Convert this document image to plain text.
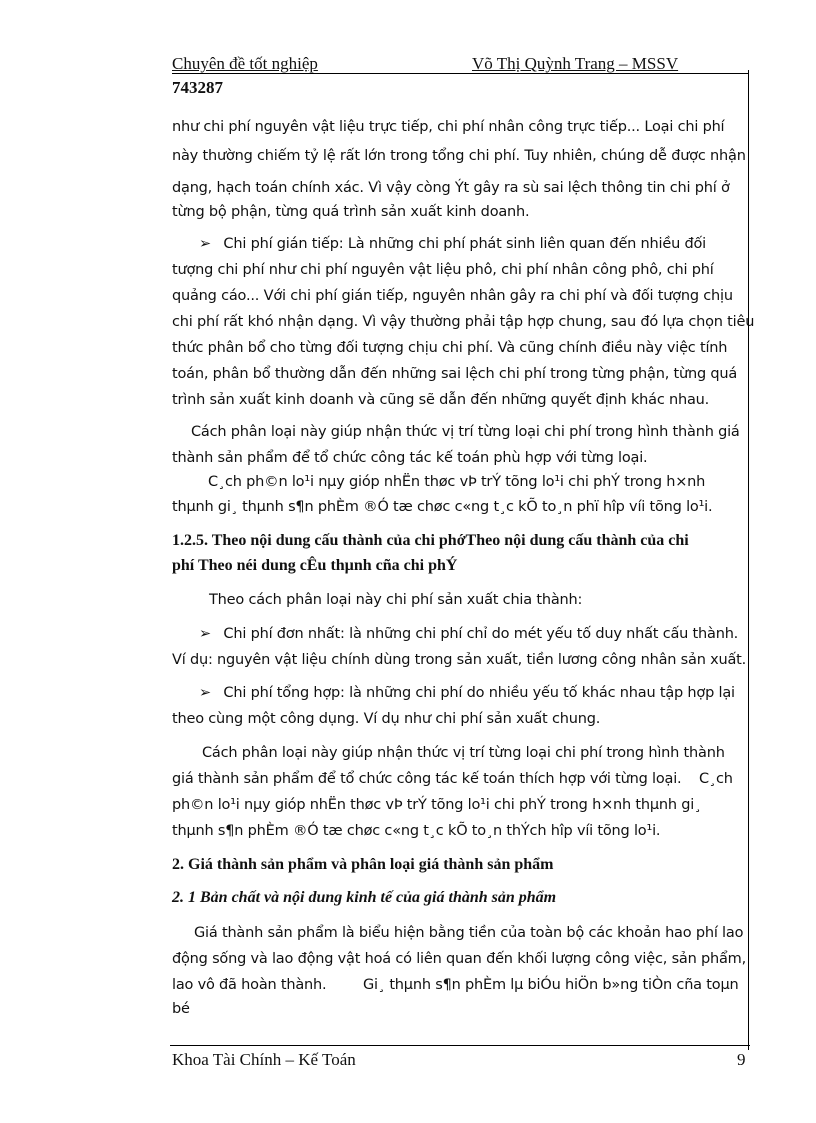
Chuyên đề tốt nghiệp	Võ Thị Quỳnh Trang – MSSV
743287
như chi phí nguyên vật liệu trực tiếp, chi phí nhân công trực tiếp... Loại chi phí
này thường chiếm tỷ lệ rất lớn trong tổng chi phí. Tuy nhiên, chúng dễ được nhận
dạng, hạch toán chính xác. Vì vậy còng Ýt gây ra sù sai lệch thông tin chi phí ở
từng bộ phận, từng quá trình sản xuất kinh doanh.
➢ Chi phí gián tiếp: Là những chi phí phát sinh liên quan đến nhiều đối
tượng chi phí như chi phí nguyên vật liệu phô, chi phí nhân công phô, chi phí
quảng cáo... Với chi phí gián tiếp, nguyên nhân gây ra chi phí và đối tượng chịu
chi phí rất khó nhận dạng. Vì vậy thường phải tập hợp chung, sau đó lựa chọn tiêu
thức phân bổ cho từng đối tượng chịu chi phí. Và cũng chính điều này việc tính
toán, phân bổ thường dẫn đến những sai lệch chi phí trong từng phận, từng quá
trình sản xuất kinh doanh và cũng sẽ dẫn đến những quyết định khác nhau.
Cách phân loại này giúp nhận thức vị trí từng loại chi phí trong hình thành giá
thành sản phẩm để tổ chức công tác kế toán phù hợp với từng loại.
C¸ch ph©n lo¹i nµy gióp nhËn thøc vÞ trÝ tõng lo¹i chi phÝ trong h×nh
thµnh gi¸ thµnh s¶n phÈm ®Ó tæ chøc c«ng t¸c kÕ to¸n phï hîp víi tõng lo¹i.
1.2.5. Theo nội dung cấu thành của chi phớTheo nội dung cấu thành của chi
phí Theo néi dung cÊu thµnh cña chi phÝ
Theo cách phân loại này chi phí sản xuất chia thành:
➢ Chi phí đơn nhất: là những chi phí chỉ do mét yếu tố duy nhất cấu thành.
Ví dụ: nguyên vật liệu chính dùng trong sản xuất, tiền lương công nhân sản xuất.
➢ Chi phí tổng hợp: là những chi phí do nhiều yếu tố khác nhau tập hợp lại
theo cùng một công dụng. Ví dụ như chi phí sản xuất chung.
Cách phân loại này giúp nhận thức vị trí từng loại chi phí trong hình thành
giá thành sản phẩm để tổ chức công tác kế toán thích hợp với từng loại. C¸ch
ph©n lo¹i nµy gióp nhËn thøc vÞ trÝ tõng lo¹i chi phÝ trong h×nh thµnh gi¸
thµnh s¶n phÈm ®Ó tæ chøc c«ng t¸c kÕ to¸n thÝch hîp víi tõng lo¹i.
2. Giá thành sản phẩm và phân loại giá thành sản phẩm
2. 1 Bản chất và nội dung kinh tế của giá thành sản phẩm
Giá thành sản phẩm là biểu hiện bằng tiền của toàn bộ các khoản hao phí lao
động sống và lao động vật hoá có liên quan đến khối lượng công việc, sản phẩm,
lao vô đã hoàn thành.	Gi¸ thµnh s¶n phÈm lµ biÓu hiÖn b»ng tiÒn cña toµn
bé
Khoa Tài Chính – Kế Toán	9
